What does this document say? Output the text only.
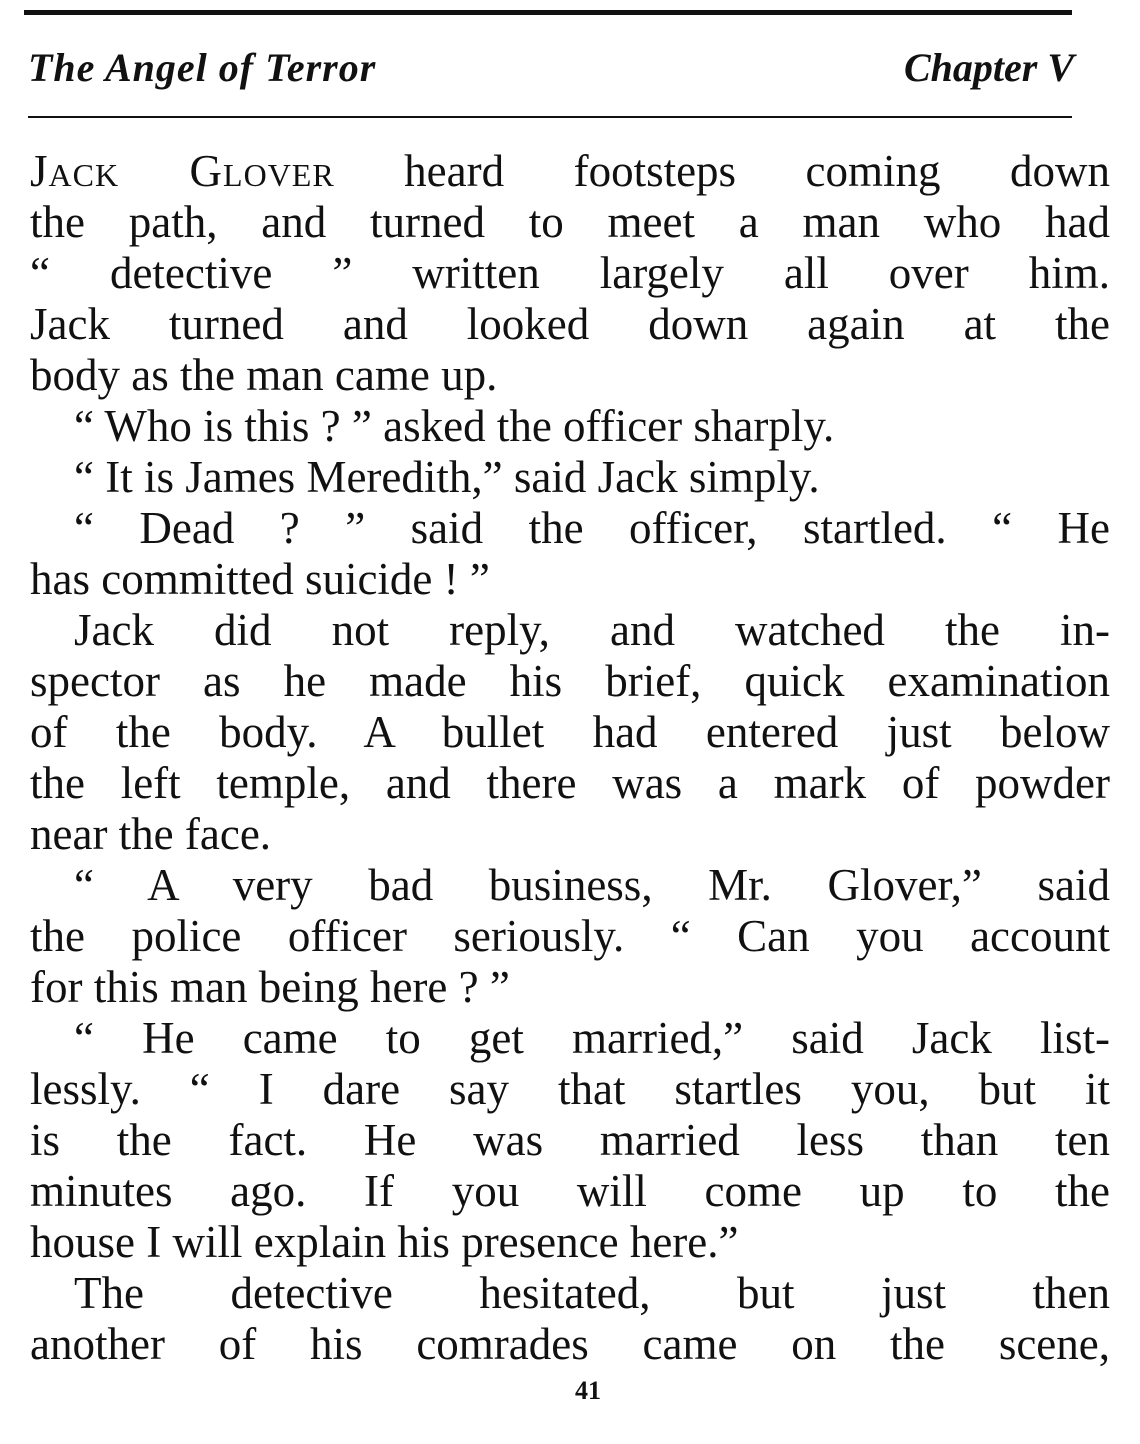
The Angel of Terror	Chapter V
Jack Glover heard footsteps coming down
the path, and turned to meet a man who had
“ detective ” written largely all over him.
Jack turned and looked down again at the
body as the man came up.
“ Who is this ? ” asked the officer sharply.
“ It is James Meredith,” said Jack simply.
“ Dead ? ” said the officer, startled. “ He
has committed suicide ! ”
Jack did not reply, and watched the in-
spector as he made his brief, quick examination
of the body. A bullet had entered just below
the left temple, and there was a mark of powder
near the face.
“ A very bad business, Mr. Glover,” said
the police officer seriously. “ Can you account
for this man being here ? ”
“ He came to get married,” said Jack list-
lessly. “ I dare say that startles you, but it
is the fact. He was married less than ten
minutes ago. If you will come up to the
house I will explain his presence here.”
The detective hesitated, but just then
another of his comrades came on the scene,
41
